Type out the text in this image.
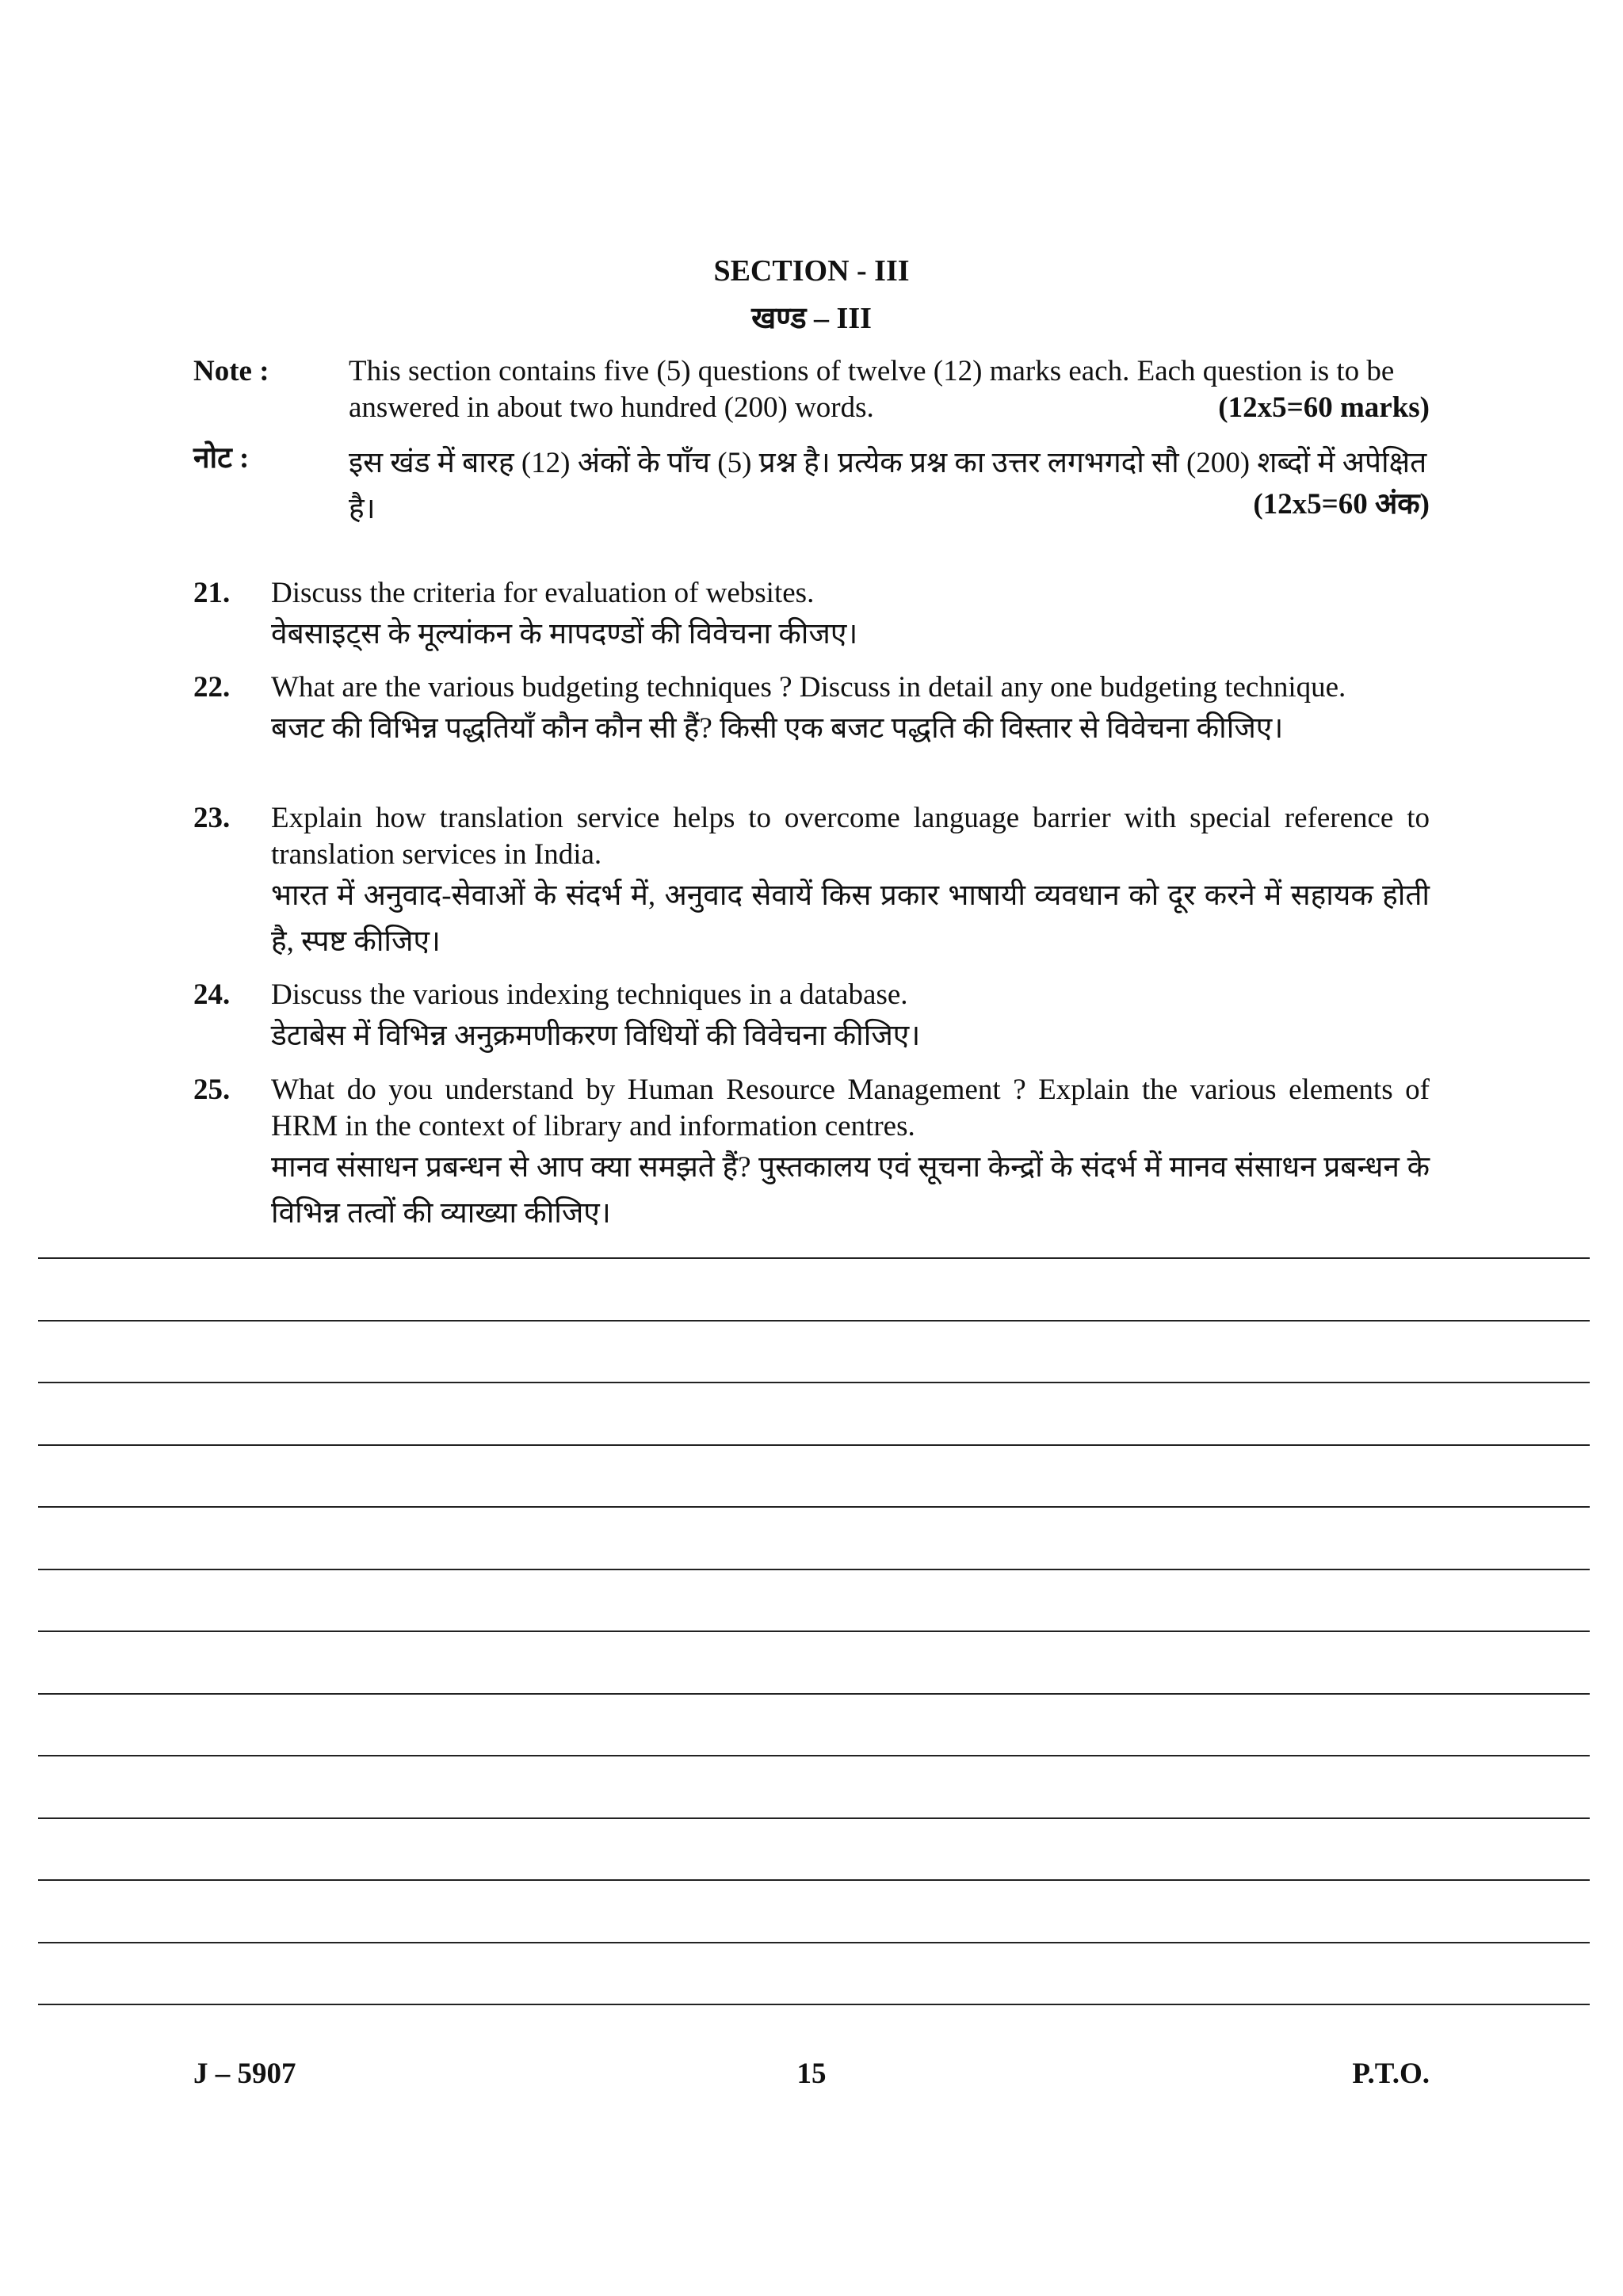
SECTION - III
खण्ड – III
Note :	This section contains five (5) questions of twelve (12) marks each. Each question is to be answered in about two hundred (200) words.	(12x5=60 marks)
नोट :	इस खंड में बारह (12) अंकों के पाँच (5) प्रश्न है। प्रत्येक प्रश्न का उत्तर लगभगदो सौ (200) शब्दों में अपेक्षित है।	(12x5=60 अंक)
21. Discuss the criteria for evaluation of websites.
वेबसाइट्स के मूल्यांकन के मापदण्डों की विवेचना कीजए।
22. What are the various budgeting techniques ? Discuss in detail any one budgeting technique.
बजट की विभिन्न पद्धतियाँ कौन कौन सी हैं? किसी एक बजट पद्धति की विस्तार से विवेचना कीजिए।
23. Explain how translation service helps to overcome language barrier with special reference to translation services in India.
भारत में अनुवाद-सेवाओं के संदर्भ में, अनुवाद सेवायें किस प्रकार भाषायी व्यवधान को दूर करने में सहायक होती है, स्पष्ट कीजिए।
24. Discuss the various indexing techniques in a database.
डेटाबेस में विभिन्न अनुक्रमणीकरण विधियों की विवेचना कीजिए।
25. What do you understand by Human Resource Management ? Explain the various elements of HRM in the context of library and information centres.
मानव संसाधन प्रबन्धन से आप क्या समझते हैं? पुस्तकालय एवं सूचना केन्द्रों के संदर्भ में मानव संसाधन प्रबन्धन के विभिन्न तत्वों की व्याख्या कीजिए।
15
J – 5907	P.T.O.
